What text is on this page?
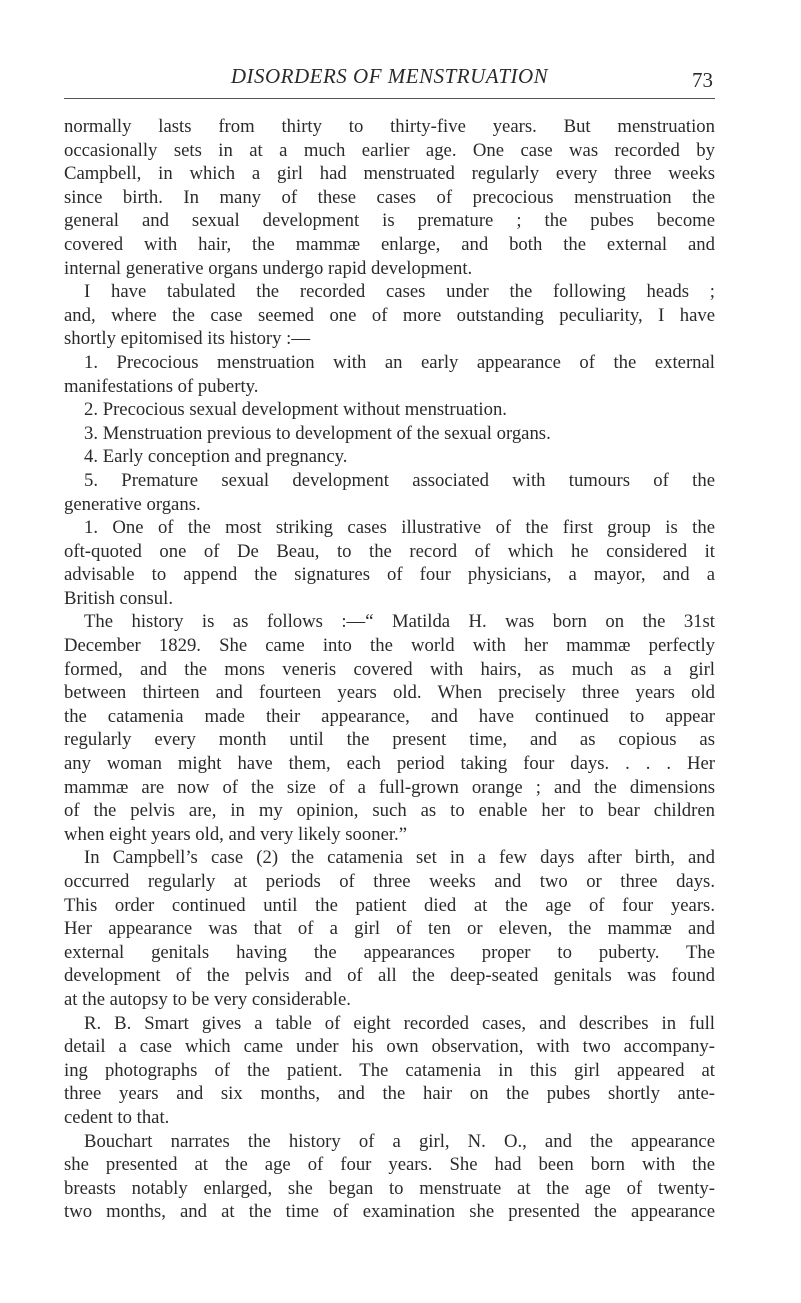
DISORDERS OF MENSTRUATION	73
normally lasts from thirty to thirty-five years. But menstruation
occasionally sets in at a much earlier age. One case was recorded by
Campbell, in which a girl had menstruated regularly every three weeks
since birth. In many of these cases of precocious menstruation the
general and sexual development is premature ; the pubes become
covered with hair, the mammæ enlarge, and both the external and
internal generative organs undergo rapid development.
I have tabulated the recorded cases under the following heads ;
and, where the case seemed one of more outstanding peculiarity, I have
shortly epitomised its history :—
1. Precocious menstruation with an early appearance of the external
manifestations of puberty.
2. Precocious sexual development without menstruation.
3. Menstruation previous to development of the sexual organs.
4. Early conception and pregnancy.
5. Premature sexual development associated with tumours of the
generative organs.
1. One of the most striking cases illustrative of the first group is the
oft-quoted one of De Beau, to the record of which he considered it
advisable to append the signatures of four physicians, a mayor, and a
British consul.
The history is as follows :—“ Matilda H. was born on the 31st
December 1829. She came into the world with her mammæ perfectly
formed, and the mons veneris covered with hairs, as much as a girl
between thirteen and fourteen years old. When precisely three years old
the catamenia made their appearance, and have continued to appear
regularly every month until the present time, and as copious as
any woman might have them, each period taking four days. . . . Her
mammæ are now of the size of a full-grown orange ; and the dimensions
of the pelvis are, in my opinion, such as to enable her to bear children
when eight years old, and very likely sooner.”
In Campbell’s case (2) the catamenia set in a few days after birth, and
occurred regularly at periods of three weeks and two or three days.
This order continued until the patient died at the age of four years.
Her appearance was that of a girl of ten or eleven, the mammæ and
external genitals having the appearances proper to puberty. The
development of the pelvis and of all the deep-seated genitals was found
at the autopsy to be very considerable.
R. B. Smart gives a table of eight recorded cases, and describes in full
detail a case which came under his own observation, with two accompany-
ing photographs of the patient. The catamenia in this girl appeared at
three years and six months, and the hair on the pubes shortly ante-
cedent to that.
Bouchart narrates the history of a girl, N. O., and the appearance
she presented at the age of four years. She had been born with the
breasts notably enlarged, she began to menstruate at the age of twenty-
two months, and at the time of examination she presented the appearance
